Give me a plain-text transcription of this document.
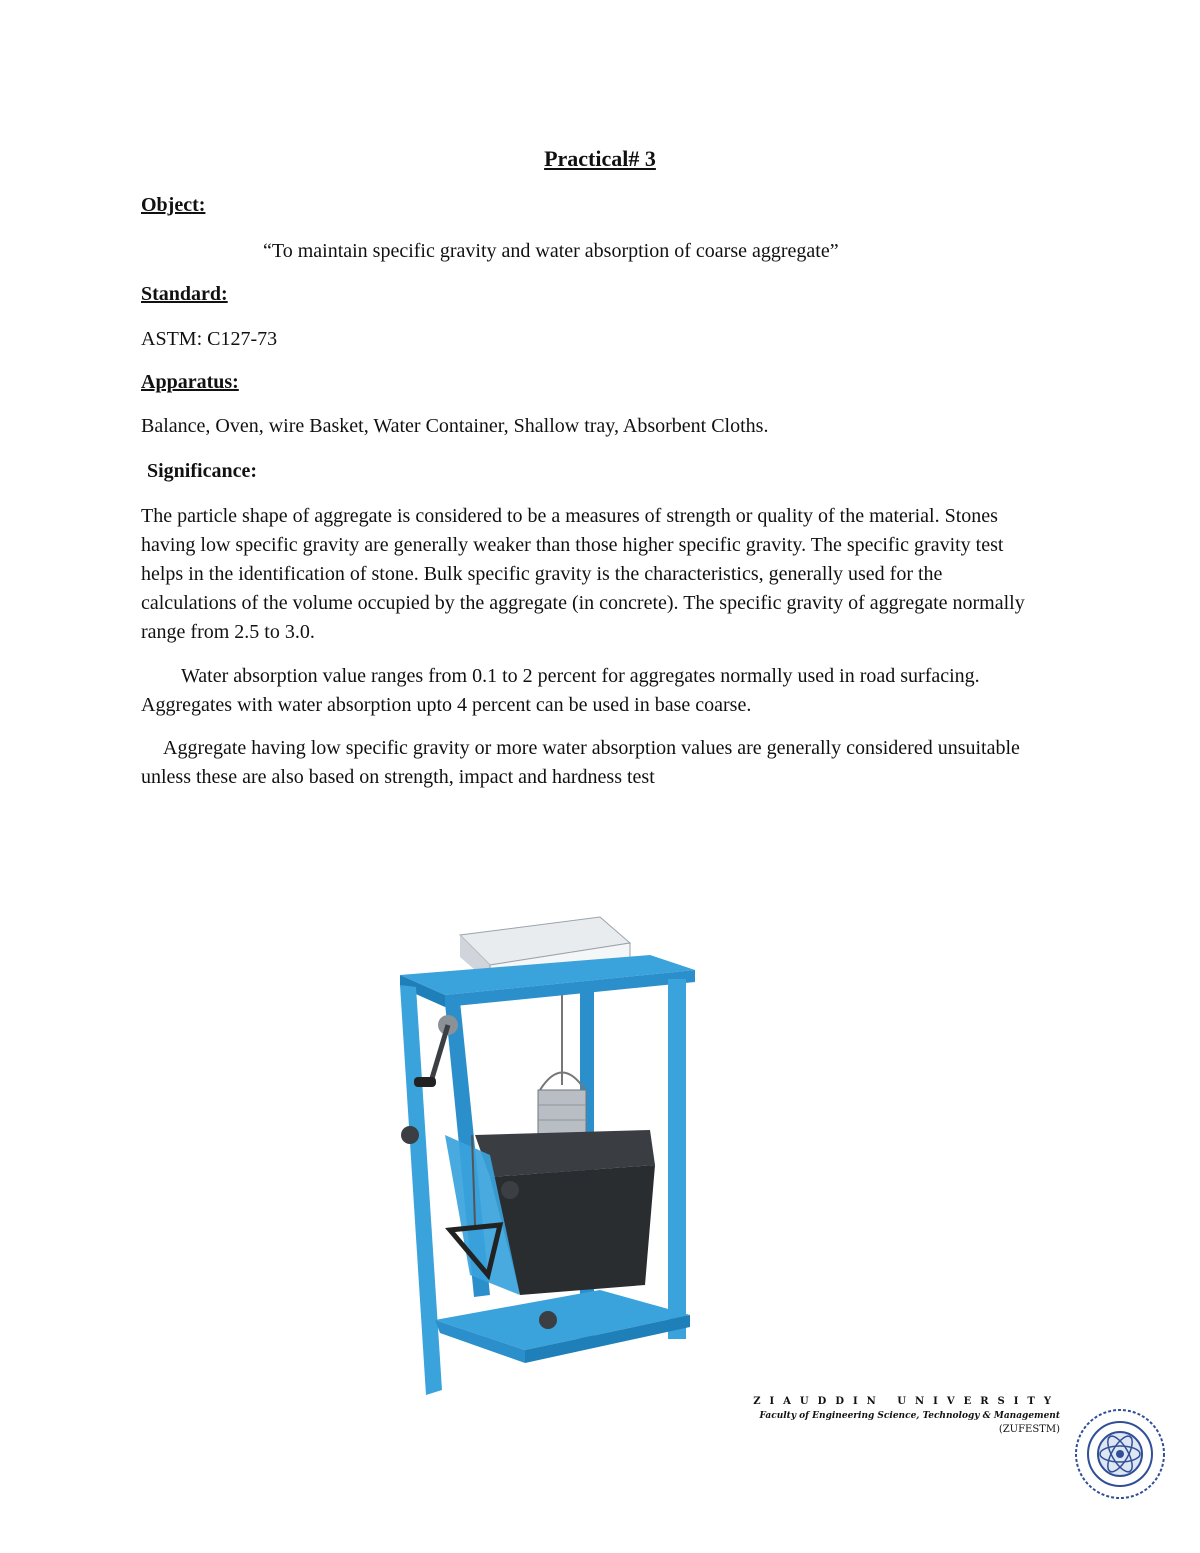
Practical# 3
Object:
“To maintain specific gravity and water absorption of coarse aggregate”
Standard:
ASTM: C127-73
Apparatus:
Balance, Oven, wire Basket, Water Container, Shallow tray, Absorbent Cloths.
Significance:

The particle shape of aggregate is considered to be a measures of strength or quality of the material. Stones having low specific gravity are generally weaker than those higher specific gravity. The specific gravity test helps in the identification of stone. Bulk specific gravity is the characteristics, generally used for the calculations of the volume occupied by the aggregate (in concrete). The specific gravity of aggregate normally range from 2.5 to 3.0.

Water absorption value ranges from 0.1 to 2 percent for aggregates normally used in road surfacing. Aggregates with water absorption upto 4 percent can be used in base coarse.

Aggregate having low specific gravity or more water absorption values are generally considered unsuitable unless these are also based on strength, impact and hardness test

ZIAUDDIN UNIVERSITY
Faculty of Engineering Science, Technology & Management
(ZUFESTM)
